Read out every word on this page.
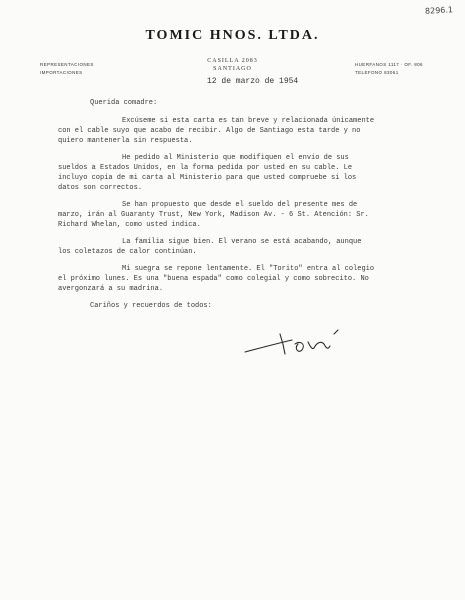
8296.1
TOMIC HNOS. LTDA.
REPRESENTACIONES
IMPORTACIONES
CASILLA 2083
SANTIAGO
HUERFANOS 1117 · OF. 806
TELEFONO 83061
12 de marzo de 1954

Querida comadre:

Excúseme si esta carta es tan breve y relacionada únicamente
con el cable suyo que acabo de recibir. Algo de Santiago esta tarde y no
quiero mantenerla sin respuesta.

He pedido al Ministerio que modifiquen el envío de sus
sueldos a Estados Unidos, en la forma pedida por usted en su cable. Le
incluyo copia de mi carta al Ministerio para que usted compruebe si los
datos son correctos.

Se han propuesto que desde el sueldo del presente mes de
marzo, irán al Guaranty Trust, New York, Madison Av. - 6 St. Atención: Sr.
Richard Whelan, como usted indica.

La familia sigue bien. El verano se está acabando, aunque
los coletazos de calor continúan.

Mi suegra se repone lentamente. El "Torito" entra al colegio
el próximo lunes. Es una "buena espada" como colegial y como sobrecito. No
avergonzará a su madrina.

Cariños y recuerdos de todos:
